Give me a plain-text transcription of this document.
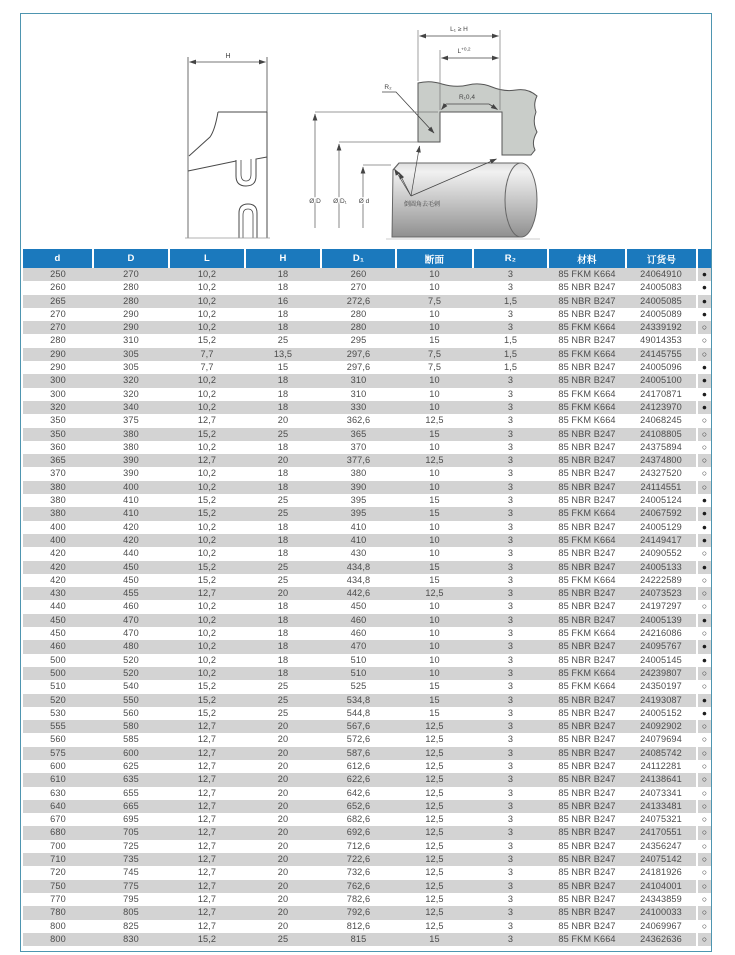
H
R₁0,4
R₂
L₁ ≥ H
$L^{+0,2}$
Ø D Ø D₁ Ø d	倒圆角去毛刺
d	D	L	H	D₁	断面	R₂	材料	订货号	
250	270	10,2	18	260	10	3	85 FKM K664	24064910	●
260	280	10,2	18	270	10	3	85 NBR B247	24005083	●
265	280	10,2	16	272,6	7,5	1,5	85 NBR B247	24005085	●
270	290	10,2	18	280	10	3	85 NBR B247	24005089	●
270	290	10,2	18	280	10	3	85 FKM K664	24339192	○
280	310	15,2	25	295	15	1,5	85 NBR B247	49014353	○
290	305	7,7	13,5	297,6	7,5	1,5	85 FKM K664	24145755	○
290	305	7,7	15	297,6	7,5	1,5	85 NBR B247	24005096	●
300	320	10,2	18	310	10	3	85 NBR B247	24005100	●
300	320	10,2	18	310	10	3	85 FKM K664	24170871	●
320	340	10,2	18	330	10	3	85 FKM K664	24123970	●
350	375	12,7	20	362,6	12,5	3	85 FKM K664	24068245	○
350	380	15,2	25	365	15	3	85 NBR B247	24108805	○
360	380	10,2	18	370	10	3	85 NBR B247	24375894	○
365	390	12,7	20	377,6	12,5	3	85 NBR B247	24374800	○
370	390	10,2	18	380	10	3	85 NBR B247	24327520	○
380	400	10,2	18	390	10	3	85 NBR B247	24114551	○
380	410	15,2	25	395	15	3	85 NBR B247	24005124	●
380	410	15,2	25	395	15	3	85 FKM K664	24067592	●
400	420	10,2	18	410	10	3	85 NBR B247	24005129	●
400	420	10,2	18	410	10	3	85 FKM K664	24149417	●
420	440	10,2	18	430	10	3	85 NBR B247	24090552	○
420	450	15,2	25	434,8	15	3	85 NBR B247	24005133	●
420	450	15,2	25	434,8	15	3	85 FKM K664	24222589	○
430	455	12,7	20	442,6	12,5	3	85 NBR B247	24073523	○
440	460	10,2	18	450	10	3	85 NBR B247	24197297	○
450	470	10,2	18	460	10	3	85 NBR B247	24005139	●
450	470	10,2	18	460	10	3	85 FKM K664	24216086	○
460	480	10,2	18	470	10	3	85 NBR B247	24095767	●
500	520	10,2	18	510	10	3	85 NBR B247	24005145	●
500	520	10,2	18	510	10	3	85 FKM K664	24239807	○
510	540	15,2	25	525	15	3	85 FKM K664	24350197	○
520	550	15,2	25	534,8	15	3	85 NBR B247	24193087	●
530	560	15,2	25	544,8	15	3	85 NBR B247	24005152	●
555	580	12,7	20	567,6	12,5	3	85 NBR B247	24092902	○
560	585	12,7	20	572,6	12,5	3	85 NBR B247	24079694	○
575	600	12,7	20	587,6	12,5	3	85 NBR B247	24085742	○
600	625	12,7	20	612,6	12,5	3	85 NBR B247	24112281	○
610	635	12,7	20	622,6	12,5	3	85 NBR B247	24138641	○
630	655	12,7	20	642,6	12,5	3	85 NBR B247	24073341	○
640	665	12,7	20	652,6	12,5	3	85 NBR B247	24133481	○
670	695	12,7	20	682,6	12,5	3	85 NBR B247	24075321	○
680	705	12,7	20	692,6	12,5	3	85 NBR B247	24170551	○
700	725	12,7	20	712,6	12,5	3	85 NBR B247	24356247	○
710	735	12,7	20	722,6	12,5	3	85 NBR B247	24075142	○
720	745	12,7	20	732,6	12,5	3	85 NBR B247	24181926	○
750	775	12,7	20	762,6	12,5	3	85 NBR B247	24104001	○
770	795	12,7	20	782,6	12,5	3	85 NBR B247	24343859	○
780	805	12,7	20	792,6	12,5	3	85 NBR B247	24100033	○
800	825	12,7	20	812,6	12,5	3	85 NBR B247	24069967	○
800	830	15,2	25	815	15	3	85 FKM K664	24362636	○
